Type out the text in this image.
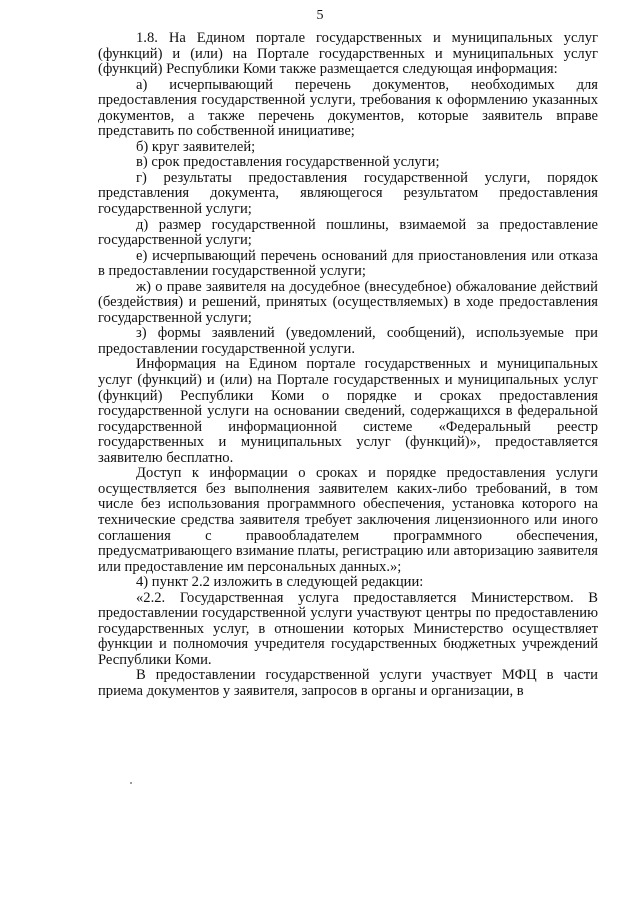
5

1.8. На Едином портале государственных и муниципальных услуг (функций) и (или) на Портале государственных и муниципальных услуг (функций) Республики Коми также размещается следующая информация:

а) исчерпывающий перечень документов, необходимых для предоставления государственной услуги, требования к оформлению указанных документов, а также перечень документов, которые заявитель вправе представить по собственной инициативе;

б) круг заявителей;

в) срок предоставления государственной услуги;

г) результаты предоставления государственной услуги, порядок представления документа, являющегося результатом предоставления государственной услуги;

д) размер государственной пошлины, взимаемой за предоставление государственной услуги;

е) исчерпывающий перечень оснований для приостановления или отказа в предоставлении государственной услуги;

ж) о праве заявителя на досудебное (внесудебное) обжалование действий (бездействия) и решений, принятых (осуществляемых) в ходе предоставления государственной услуги;

з) формы заявлений (уведомлений, сообщений), используемые при предоставлении государственной услуги.

Информация на Едином портале государственных и муниципальных услуг (функций) и (или) на Портале государственных и муниципальных услуг (функций) Республики Коми о порядке и сроках предоставления государственной услуги на основании сведений, содержащихся в федеральной государственной информационной системе «Федеральный реестр государственных и муниципальных услуг (функций)», предоставляется заявителю бесплатно.

Доступ к информации о сроках и порядке предоставления услуги осуществляется без выполнения заявителем каких-либо требований, в том числе без использования программного обеспечения, установка которого на технические средства заявителя требует заключения лицензионного или иного соглашения с правообладателем программного обеспечения, предусматривающего взимание платы, регистрацию или авторизацию заявителя или предоставление им персональных данных.»;

4) пункт 2.2 изложить в следующей редакции:

«2.2. Государственная услуга предоставляется Министерством. В предоставлении государственной услуги участвуют центры по предоставлению государственных услуг, в отношении которых Министерство осуществляет функции и полномочия учредителя государственных бюджетных учреждений Республики Коми.

В предоставлении государственной услуги участвует МФЦ в части приема документов у заявителя, запросов в органы и организации, в
